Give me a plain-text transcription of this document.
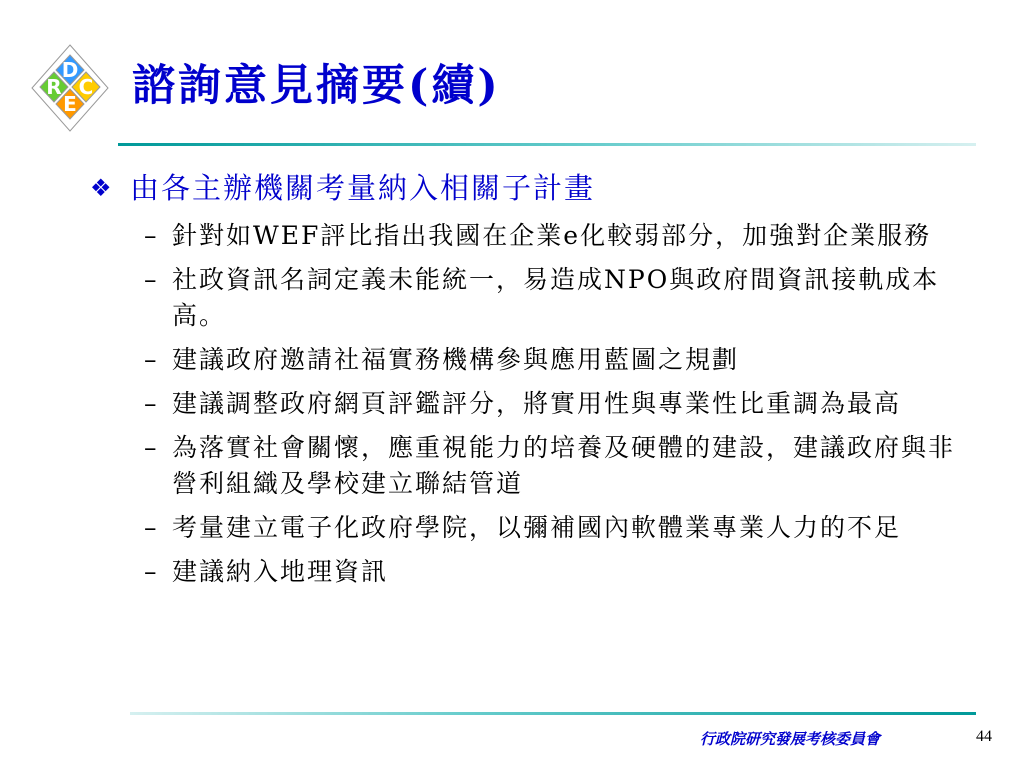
R
D
E
C 諮詢意見摘要(續)
❖ 由各主辦機關考量納入相關子計畫
– 針對如WEF評比指出我國在企業e化較弱部分，加強對企業服務
– 社政資訊名詞定義未能統一，易造成NPO與政府間資訊接軌成本高。
– 建議政府邀請社福實務機構參與應用藍圖之規劃
– 建議調整政府網頁評鑑評分，將實用性與專業性比重調為最高
– 為落實社會關懷，應重視能力的培養及硬體的建設，建議政府與非營利組織及學校建立聯結管道
– 考量建立電子化政府學院，以彌補國內軟體業專業人力的不足
– 建議納入地理資訊
行政院研究發展考核委員會	44
